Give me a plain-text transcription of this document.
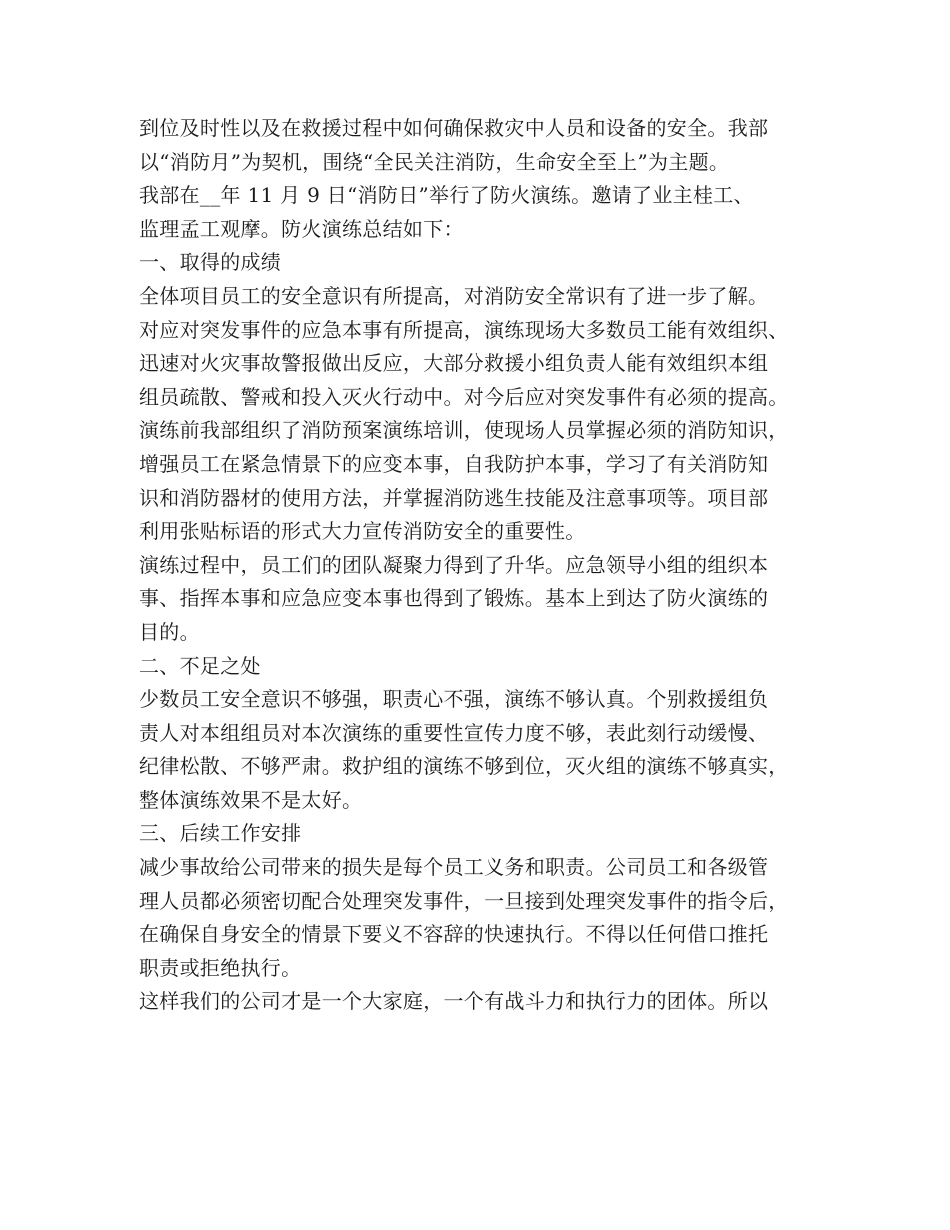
到位及时性以及在救援过程中如何确保救灾中人员和设备的安全。我部
以“消防月”为契机，围绕“全民关注消防，生命安全至上”为主题。
我部在__年 11 月 9 日“消防日”举行了防火演练。邀请了业主桂工、
监理孟工观摩。防火演练总结如下：
一、取得的成绩
全体项目员工的安全意识有所提高，对消防安全常识有了进一步了解。
对应对突发事件的应急本事有所提高，演练现场大多数员工能有效组织、
迅速对火灾事故警报做出反应，大部分救援小组负责人能有效组织本组
组员疏散、警戒和投入灭火行动中。对今后应对突发事件有必须的提高。
演练前我部组织了消防预案演练培训，使现场人员掌握必须的消防知识，
增强员工在紧急情景下的应变本事，自我防护本事，学习了有关消防知
识和消防器材的使用方法，并掌握消防逃生技能及注意事项等。项目部
利用张贴标语的形式大力宣传消防安全的重要性。
演练过程中，员工们的团队凝聚力得到了升华。应急领导小组的组织本
事、指挥本事和应急应变本事也得到了锻炼。基本上到达了防火演练的
目的。
二、不足之处
少数员工安全意识不够强，职责心不强，演练不够认真。个别救援组负
责人对本组组员对本次演练的重要性宣传力度不够，表此刻行动缓慢、
纪律松散、不够严肃。救护组的演练不够到位，灭火组的演练不够真实，
整体演练效果不是太好。
三、后续工作安排
减少事故给公司带来的损失是每个员工义务和职责。公司员工和各级管
理人员都必须密切配合处理突发事件，一旦接到处理突发事件的指令后，
在确保自身安全的情景下要义不容辞的快速执行。不得以任何借口推托
职责或拒绝执行。
这样我们的公司才是一个大家庭，一个有战斗力和执行力的团体。所以
